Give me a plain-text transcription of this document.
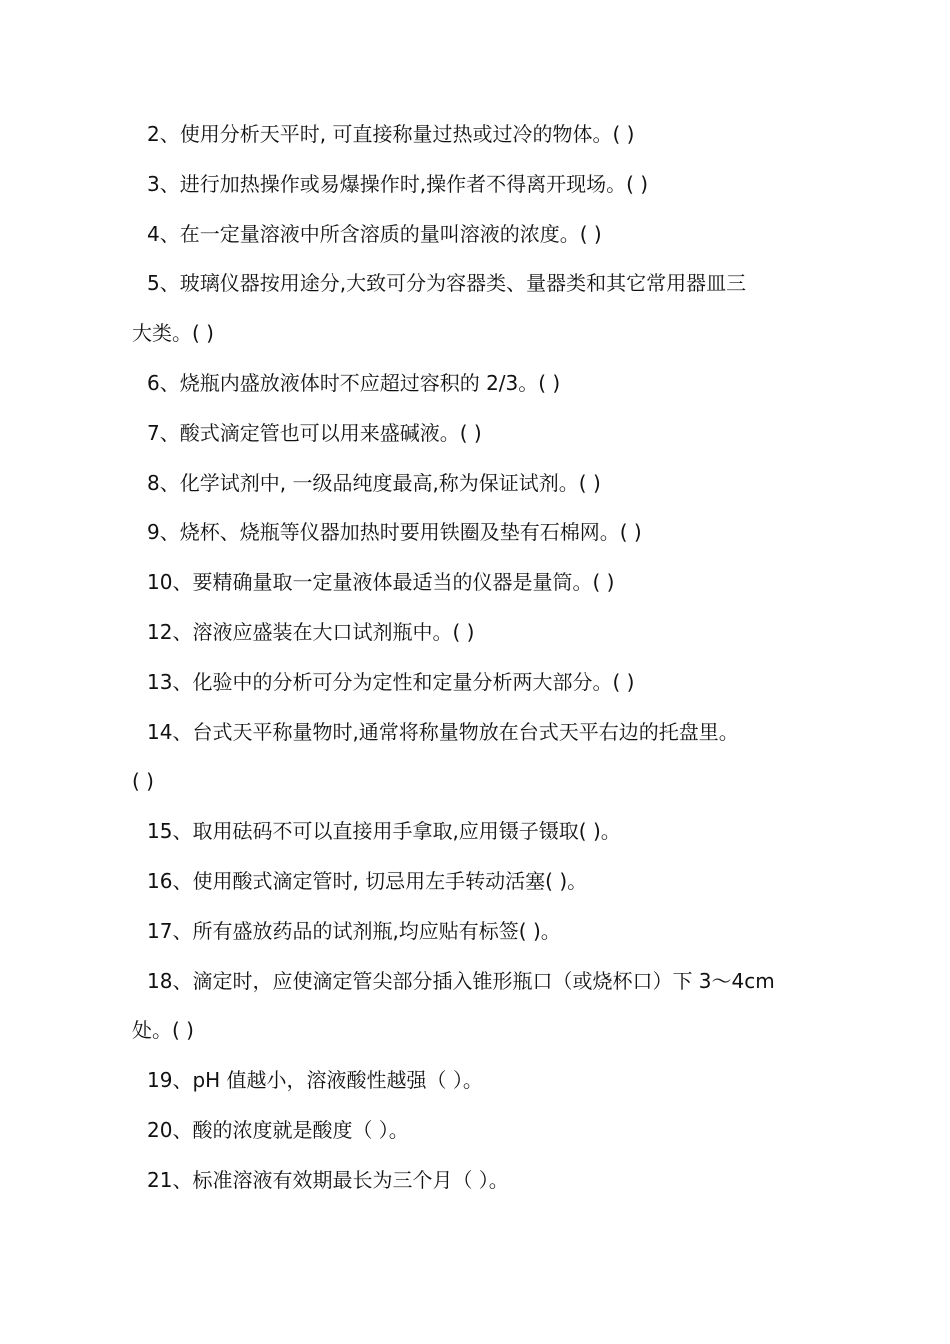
2、使用分析天平时, 可直接称量过热或过冷的物体。( )
3、进行加热操作或易爆操作时,操作者不得离开现场。( )
4、在一定量溶液中所含溶质的量叫溶液的浓度。( )
5、玻璃仪器按用途分,大致可分为容器类、量器类和其它常用器皿三
大类。( )
6、烧瓶内盛放液体时不应超过容积的 2/3。( )
7、酸式滴定管也可以用来盛碱液。( )
8、化学试剂中, 一级品纯度最高,称为保证试剂。( )
9、烧杯、烧瓶等仪器加热时要用铁圈及垫有石棉网。( )
10、要精确量取一定量液体最适当的仪器是量筒。( )
12、溶液应盛装在大口试剂瓶中。( )
13、化验中的分析可分为定性和定量分析两大部分。( )
14、台式天平称量物时,通常将称量物放在台式天平右边的托盘里。
( )
15、取用砝码不可以直接用手拿取,应用镊子镊取( )。
16、使用酸式滴定管时, 切忌用左手转动活塞( )。
17、所有盛放药品的试剂瓶,均应贴有标签( )。
18、滴定时，应使滴定管尖部分插入锥形瓶口（或烧杯口）下 3～4cm
处。( )
19、pH 值越小，溶液酸性越强（ ）。
20、酸的浓度就是酸度（ ）。
21、标准溶液有效期最长为三个月（ ）。
